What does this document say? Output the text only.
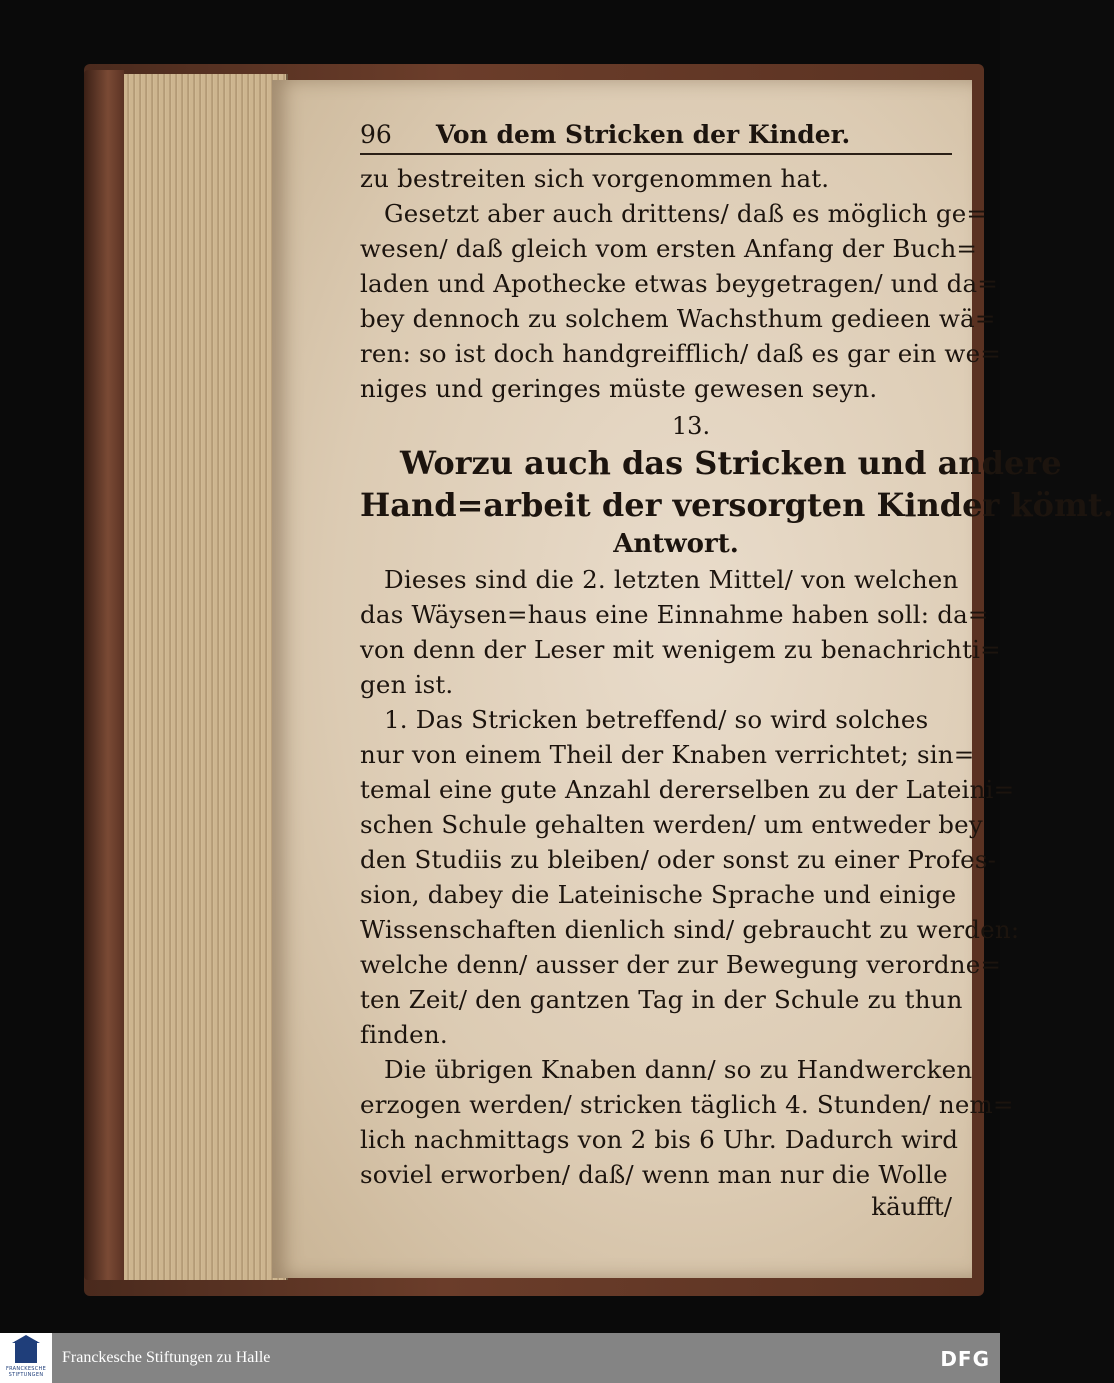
96 Von dem Stricken der Kinder.
zu bestreiten sich vorgenommen hat.
Gesetzt aber auch drittens/ daß es möglich ge=
wesen/ daß gleich vom ersten Anfang der Buch=
laden und Apothecke etwas beygetragen/ und da=
bey dennoch zu solchem Wachsthum gedieen wä=
ren: so ist doch handgreifflich/ daß es gar ein we=
niges und geringes müste gewesen seyn.
13.
Worzu auch das Stricken und andere
Hand=arbeit der versorgten Kinder kömt.
Antwort.
Dieses sind die 2. letzten Mittel/ von welchen
das Wäysen=haus eine Einnahme haben soll: da=
von denn der Leser mit wenigem zu benachrichti=
gen ist.
1. Das Stricken betreffend/ so wird solches
nur von einem Theil der Knaben verrichtet; sin=
temal eine gute Anzahl dererselben zu der Lateini=
schen Schule gehalten werden/ um entweder bey
den Studiis zu bleiben/ oder sonst zu einer Profes-
sion, dabey die Lateinische Sprache und einige
Wissenschaften dienlich sind/ gebraucht zu werden:
welche denn/ ausser der zur Bewegung verordne=
ten Zeit/ den gantzen Tag in der Schule zu thun
finden.
Die übrigen Knaben dann/ so zu Handwercken
erzogen werden/ stricken täglich 4. Stunden/ nem=
lich nachmittags von 2 bis 6 Uhr. Dadurch wird
soviel erworben/ daß/ wenn man nur die Wolle
käufft/
FRANCKESCHE STIFTUNGEN
Franckesche Stiftungen zu Halle	DFG
